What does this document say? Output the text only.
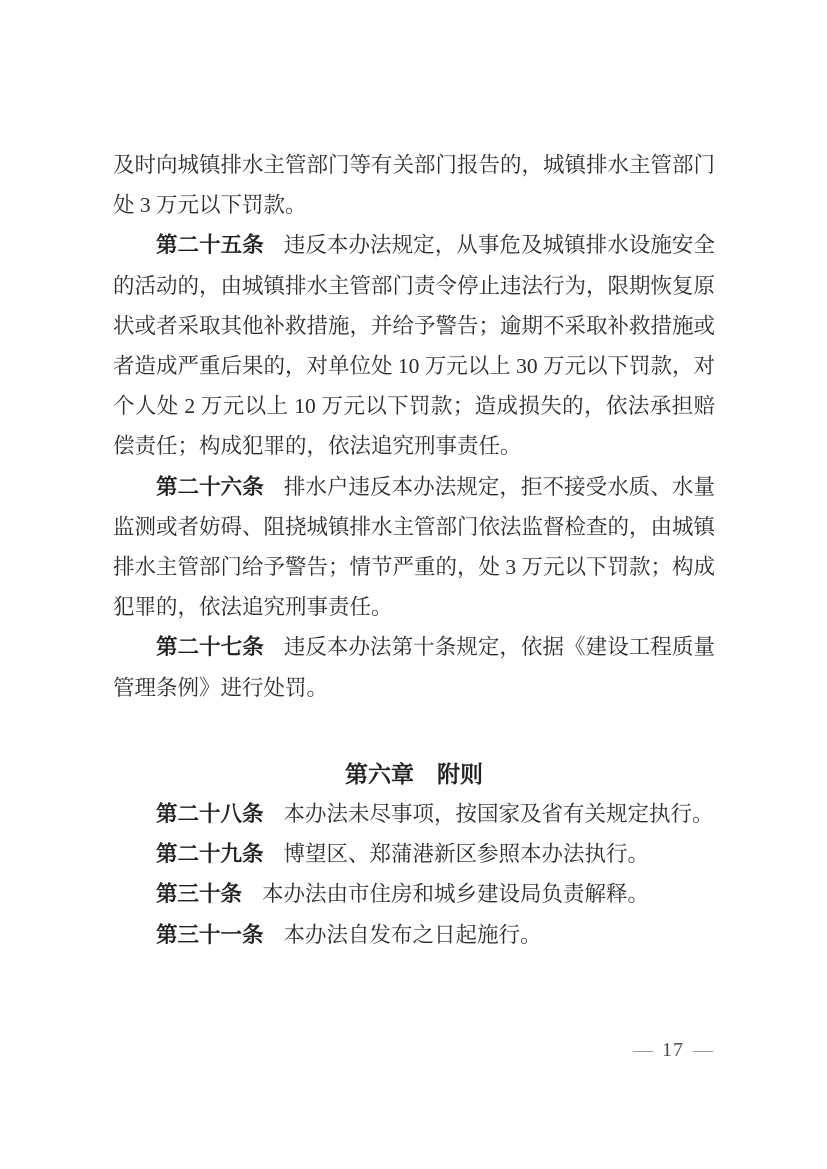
及时向城镇排水主管部门等有关部门报告的，城镇排水主管部门处 3 万元以下罚款。

第二十五条 违反本办法规定，从事危及城镇排水设施安全的活动的，由城镇排水主管部门责令停止违法行为，限期恢复原状或者采取其他补救措施，并给予警告；逾期不采取补救措施或者造成严重后果的，对单位处 10 万元以上 30 万元以下罚款，对个人处 2 万元以上 10 万元以下罚款；造成损失的，依法承担赔偿责任；构成犯罪的，依法追究刑事责任。

第二十六条 排水户违反本办法规定，拒不接受水质、水量监测或者妨碍、阻挠城镇排水主管部门依法监督检查的，由城镇排水主管部门给予警告；情节严重的，处 3 万元以下罚款；构成犯罪的，依法追究刑事责任。

第二十七条 违反本办法第十条规定，依据《建设工程质量管理条例》进行处罚。

第六章　附则

第二十八条 本办法未尽事项，按国家及省有关规定执行。

第二十九条 博望区、郑蒲港新区参照本办法执行。

第三十条 本办法由市住房和城乡建设局负责解释。

第三十一条 本办法自发布之日起施行。

— 17 —
